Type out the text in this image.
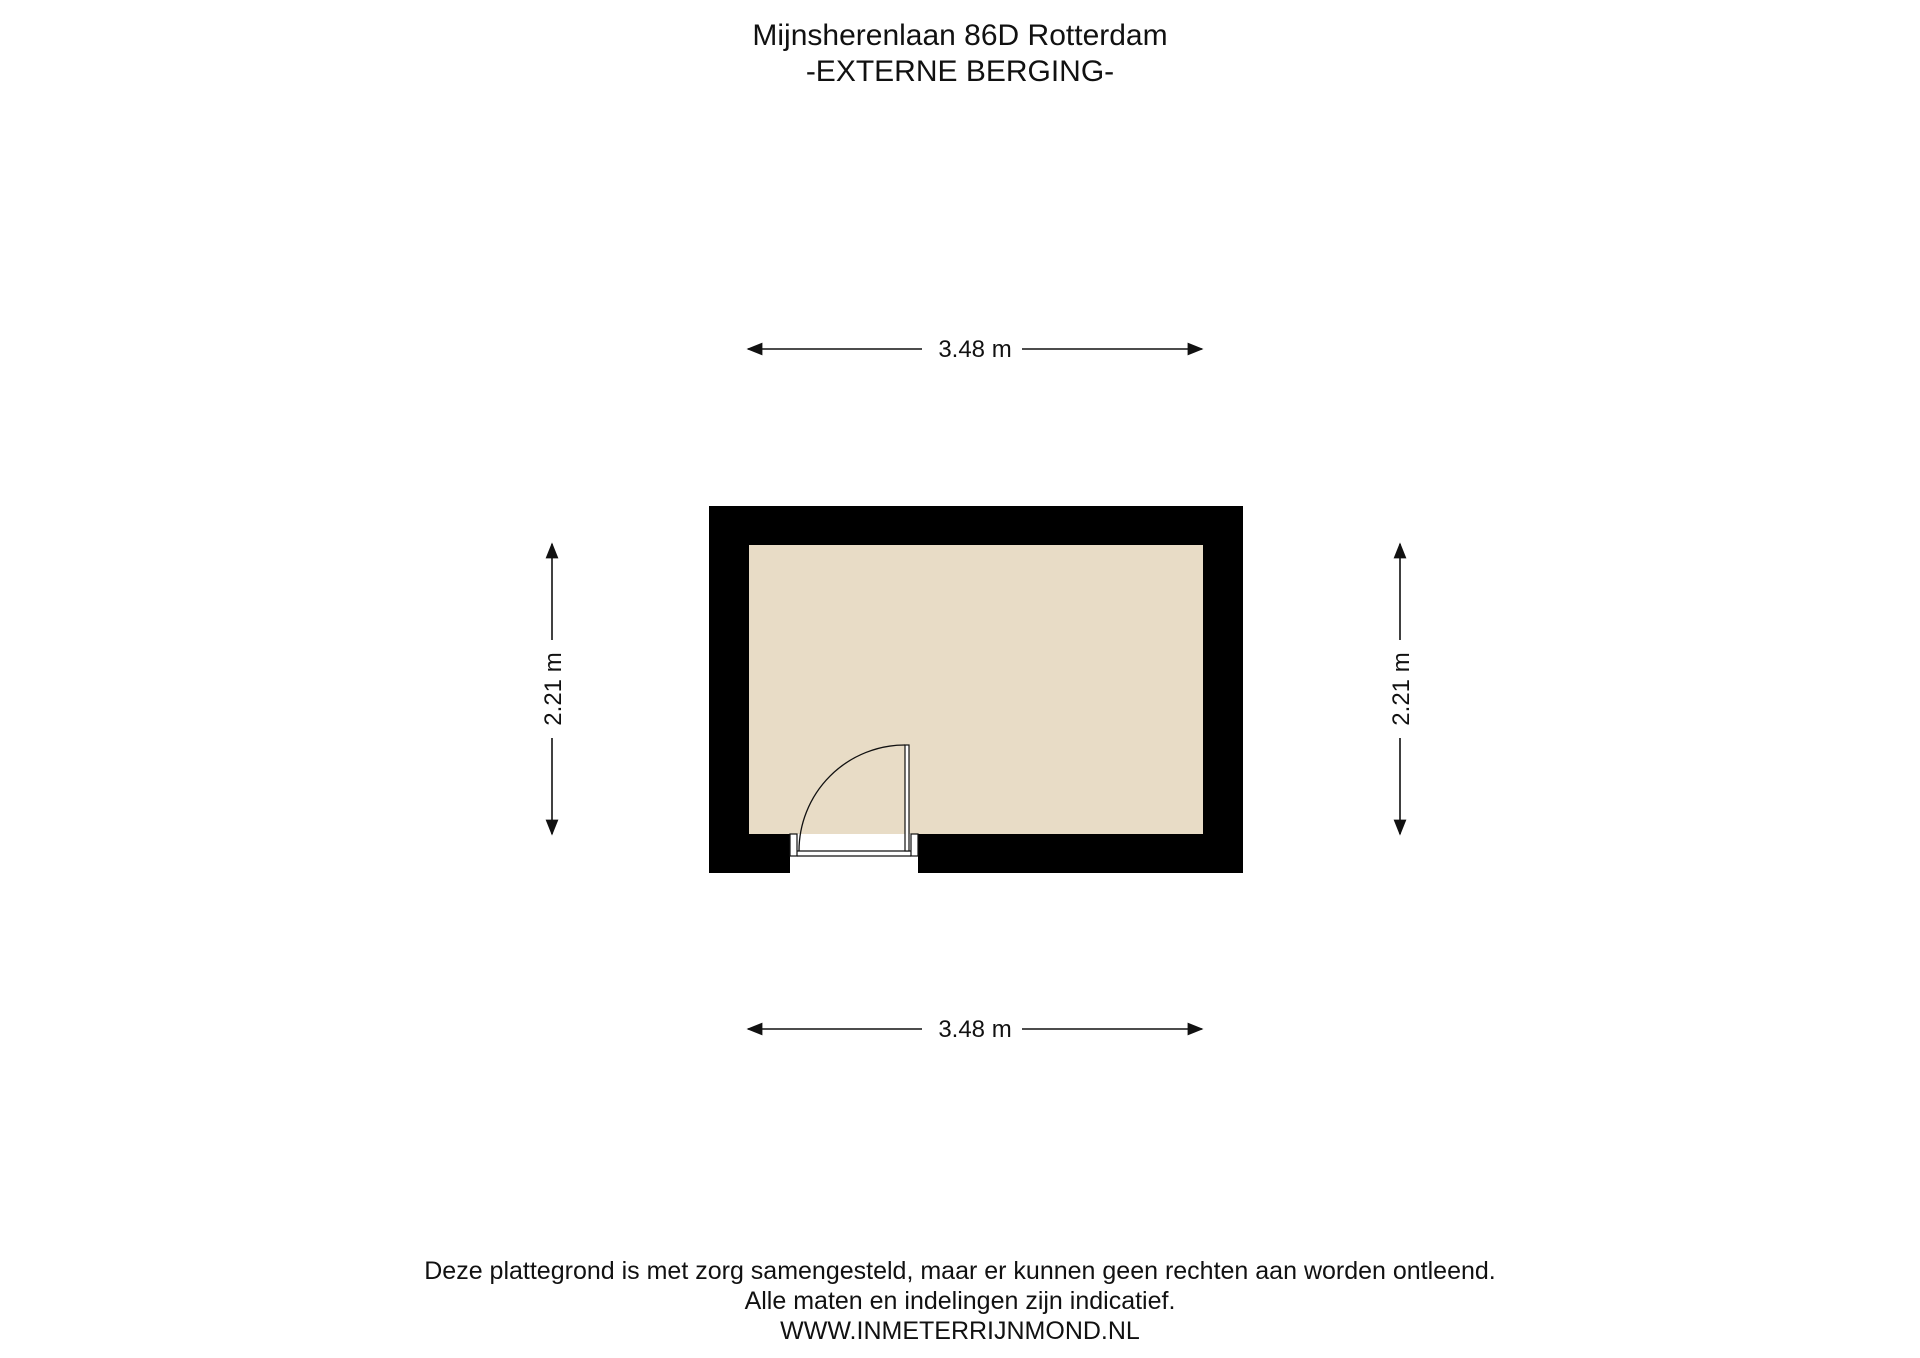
Mijnsherenlaan 86D Rotterdam
-EXTERNE BERGING-
3.48 m
3.48 m
2.21 m	2.21 m
Deze plattegrond is met zorg samengesteld, maar er kunnen geen rechten aan worden ontleend.
Alle maten en indelingen zijn indicatief.
WWW.INMETERRIJNMOND.NL
